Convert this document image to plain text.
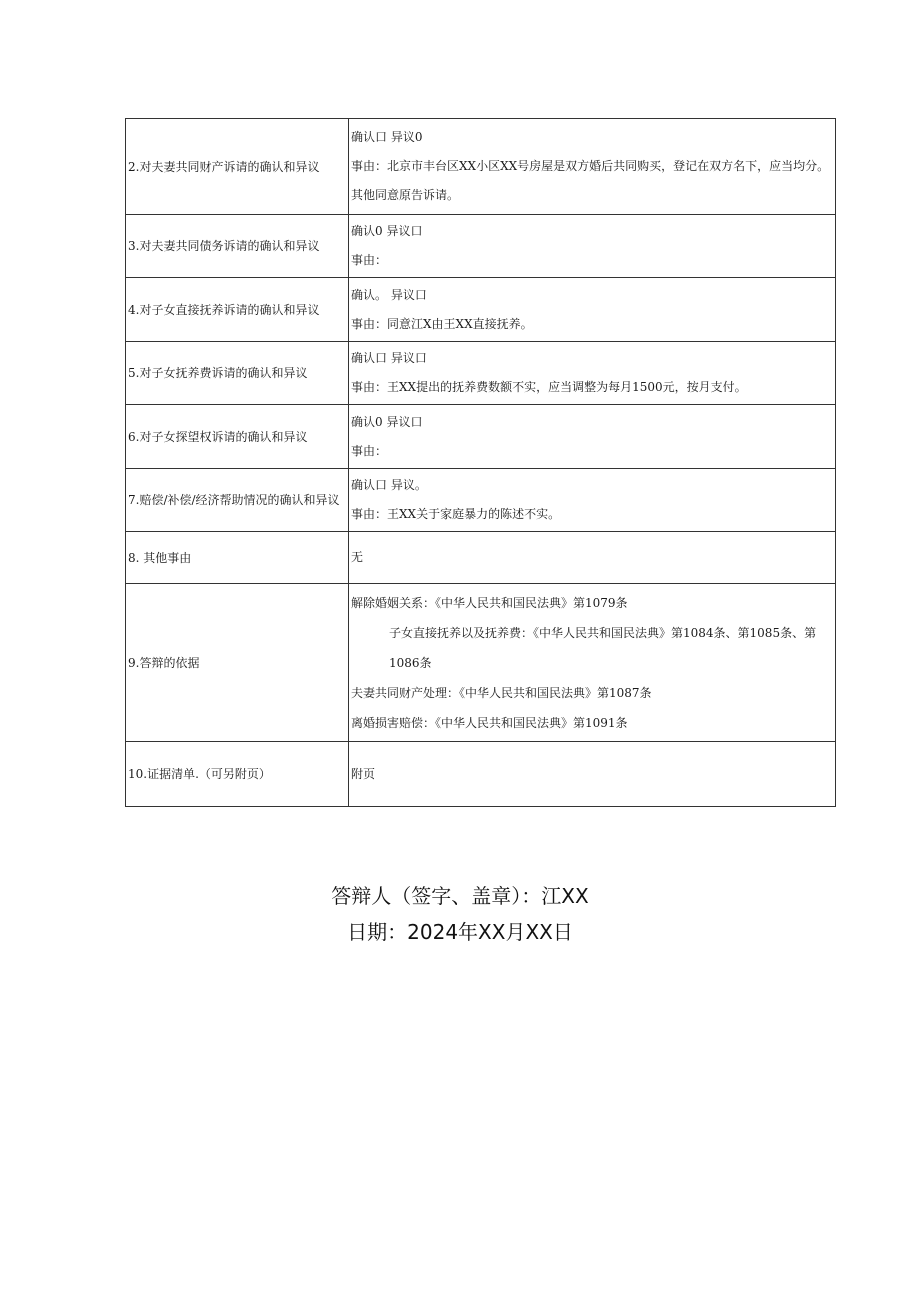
2.对夫妻共同财产诉请的确认和异议	确认口 异议0
事由：北京市丰台区XX小区XX号房屋是双方婚后共同购买，登记在双方名下，应当均分。其他同意原告诉请。

3.对夫妻共同债务诉请的确认和异议	确认0 异议口
事由：

4.对子女直接抚养诉请的确认和异议	确认。 异议口
事由：同意江X由王XX直接抚养。

5.对子女抚养费诉请的确认和异议	确认口 异议口
事由：王XX提出的抚养费数额不实，应当调整为每月1500元，按月支付。

6.对子女探望权诉请的确认和异议	确认0 异议口
事由：

7.赔偿/补偿/经济帮助情况的确认和异议	确认口 异议。
事由：王XX关于家庭暴力的陈述不实。

8. 其他事由	无

9.答辩的依据	解除婚姻关系：《中华人民共和国民法典》第1079条
子女直接抚养以及抚养费：《中华人民共和国民法典》第1084条、第1085条、第1086条
夫妻共同财产处理：《中华人民共和国民法典》第1087条
离婚损害赔偿：《中华人民共和国民法典》第1091条

10.证据清单.（可另附页）	附页
答辩人（签字、盖章）：江XX
日期：2024年XX月XX日
